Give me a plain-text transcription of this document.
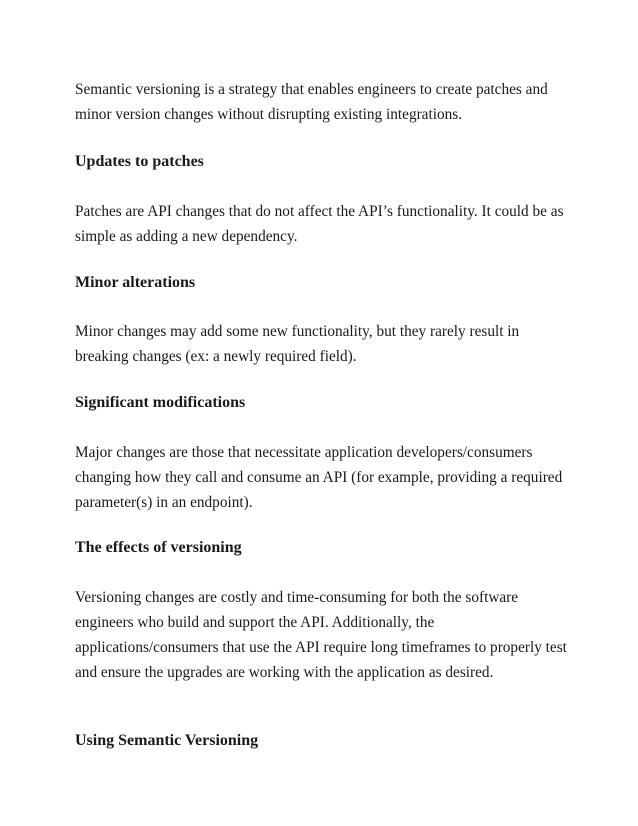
Semantic versioning is a strategy that enables engineers to create patches and minor version changes without disrupting existing integrations.

Updates to patches

Patches are API changes that do not affect the API’s functionality. It could be as simple as adding a new dependency.

Minor alterations

Minor changes may add some new functionality, but they rarely result in breaking changes (ex: a newly required field).

Significant modifications

Major changes are those that necessitate application developers/consumers changing how they call and consume an API (for example, providing a required parameter(s) in an endpoint).

The effects of versioning

Versioning changes are costly and time-consuming for both the software engineers who build and support the API. Additionally, the applications/consumers that use the API require long timeframes to properly test and ensure the upgrades are working with the application as desired.

Using Semantic Versioning
